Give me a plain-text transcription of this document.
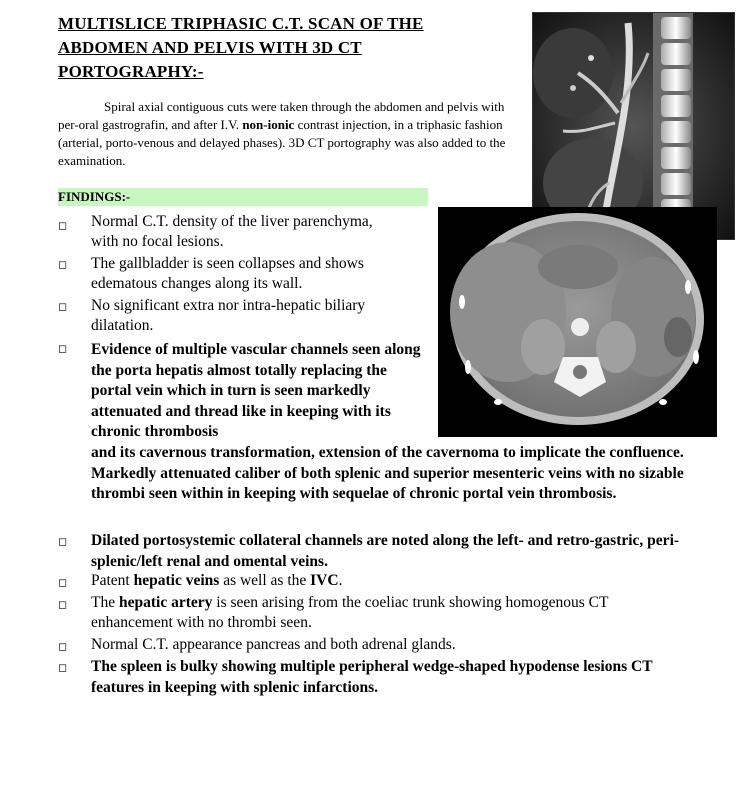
MULTISLICE TRIPHASIC C.T. SCAN OF THE ABDOMEN AND PELVIS WITH 3D CT PORTOGRAPHY:-
Spiral axial contiguous cuts were taken through the abdomen and pelvis with per-oral gastrografin, and after I.V. non-ionic contrast injection, in a triphasic fashion (arterial, porto-venous and delayed phases). 3D CT portography was also added to the examination.
FINDINGS:-
◻ Normal C.T. density of the liver parenchyma, with no focal lesions.
◻ The gallbladder is seen collapses and shows edematous changes along its wall.
◻ No significant extra nor intra-hepatic biliary dilatation.
◻ Evidence of multiple vascular channels seen along the porta hepatis almost totally replacing the portal vein which in turn is seen markedly attenuated and thread like in keeping with its chronic thrombosis
and its cavernous transformation, extension of the cavernoma to implicate the confluence. Markedly attenuated caliber of both splenic and superior mesenteric veins with no sizable thrombi seen within in keeping with sequelae of chronic portal vein thrombosis.
◻ Dilated portosystemic collateral channels are noted along the left- and retro-gastric, peri-splenic/left renal and omental veins.
◻ Patent hepatic veins as well as the IVC.
◻ The hepatic artery is seen arising from the coeliac trunk showing homogenous CT enhancement with no thrombi seen.
◻ Normal C.T. appearance pancreas and both adrenal glands.
◻ The spleen is bulky showing multiple peripheral wedge-shaped hypodense lesions CT features in keeping with splenic infarctions.
